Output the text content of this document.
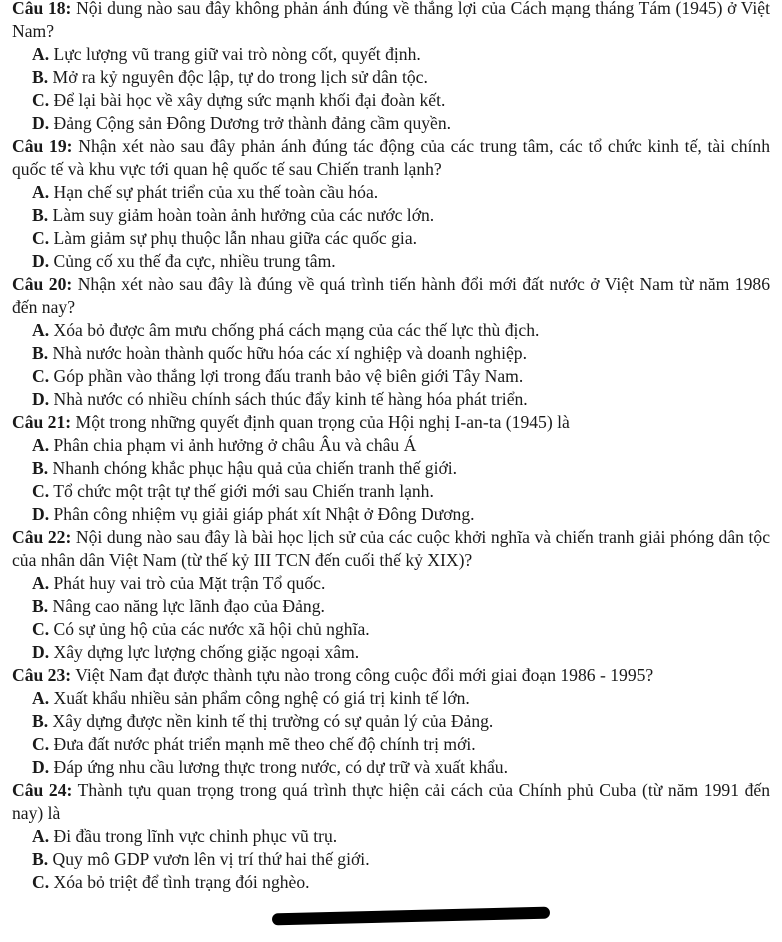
Câu 18: Nội dung nào sau đây không phản ánh đúng về thắng lợi của Cách mạng tháng Tám (1945) ở Việt Nam?

A. Lực lượng vũ trang giữ vai trò nòng cốt, quyết định.
B. Mở ra kỷ nguyên độc lập, tự do trong lịch sử dân tộc.
C. Để lại bài học về xây dựng sức mạnh khối đại đoàn kết.
D. Đảng Cộng sản Đông Dương trở thành đảng cầm quyền.

Câu 19: Nhận xét nào sau đây phản ánh đúng tác động của các trung tâm, các tổ chức kinh tế, tài chính quốc tế và khu vực tới quan hệ quốc tế sau Chiến tranh lạnh?

A. Hạn chế sự phát triển của xu thế toàn cầu hóa.
B. Làm suy giảm hoàn toàn ảnh hưởng của các nước lớn.
C. Làm giảm sự phụ thuộc lẫn nhau giữa các quốc gia.
D. Củng cố xu thế đa cực, nhiều trung tâm.

Câu 20: Nhận xét nào sau đây là đúng về quá trình tiến hành đổi mới đất nước ở Việt Nam từ năm 1986 đến nay?

A. Xóa bỏ được âm mưu chống phá cách mạng của các thế lực thù địch.
B. Nhà nước hoàn thành quốc hữu hóa các xí nghiệp và doanh nghiệp.
C. Góp phần vào thắng lợi trong đấu tranh bảo vệ biên giới Tây Nam.
D. Nhà nước có nhiều chính sách thúc đẩy kinh tế hàng hóa phát triển.

Câu 21: Một trong những quyết định quan trọng của Hội nghị I-an-ta (1945) là

A. Phân chia phạm vi ảnh hưởng ở châu Âu và châu Á
B. Nhanh chóng khắc phục hậu quả của chiến tranh thế giới.
C. Tổ chức một trật tự thế giới mới sau Chiến tranh lạnh.
D. Phân công nhiệm vụ giải giáp phát xít Nhật ở Đông Dương.

Câu 22: Nội dung nào sau đây là bài học lịch sử của các cuộc khởi nghĩa và chiến tranh giải phóng dân tộc của nhân dân Việt Nam (từ thế kỷ III TCN đến cuối thế kỷ XIX)?

A. Phát huy vai trò của Mặt trận Tổ quốc.
B. Nâng cao năng lực lãnh đạo của Đảng.
C. Có sự ủng hộ của các nước xã hội chủ nghĩa.
D. Xây dựng lực lượng chống giặc ngoại xâm.

Câu 23: Việt Nam đạt được thành tựu nào trong công cuộc đổi mới giai đoạn 1986 - 1995?

A. Xuất khẩu nhiều sản phẩm công nghệ có giá trị kinh tế lớn.
B. Xây dựng được nền kinh tế thị trường có sự quản lý của Đảng.
C. Đưa đất nước phát triển mạnh mẽ theo chế độ chính trị mới.
D. Đáp ứng nhu cầu lương thực trong nước, có dự trữ và xuất khẩu.

Câu 24: Thành tựu quan trọng trong quá trình thực hiện cải cách của Chính phủ Cuba (từ năm 1991 đến nay) là

A. Đi đầu trong lĩnh vực chinh phục vũ trụ.
B. Quy mô GDP vươn lên vị trí thứ hai thế giới.
C. Xóa bỏ triệt để tình trạng đói nghèo.
